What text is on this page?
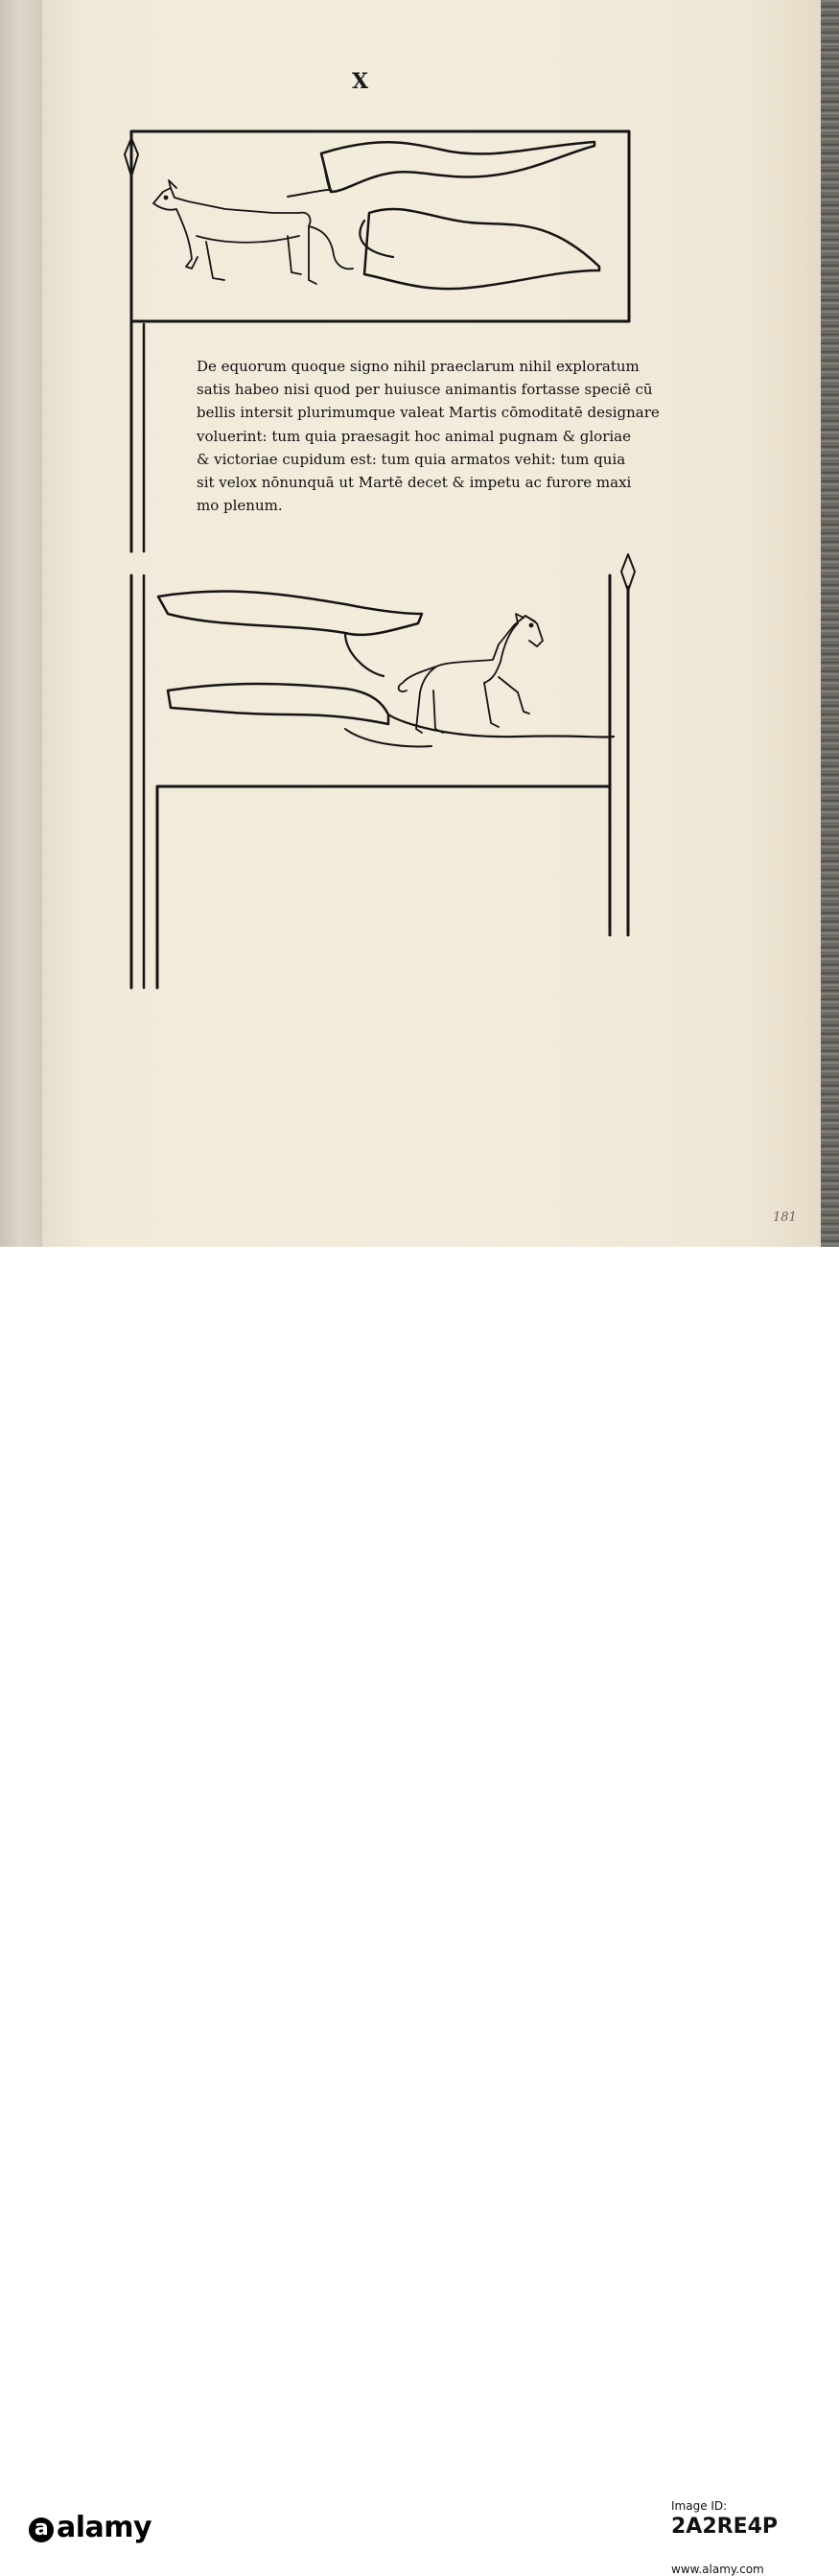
X
De equorum quoque signo nihil praeclarum nihil exploratum
satis habeo nisi quod per huiusce animantis fortasse speciē cū
bellis intersit plurimumque valeat Martis cōmoditatē designare
voluerint: tum quia praesagit hoc animal pugnam & gloriae
& victoriae cupidum est: tum quia armatos vehit: tum quia
sit velox nōnunquā ut Martē decet & impetu ac furore maxi
mo plenum.
181
a alamy
Image ID:
2A2RE4P
www.alamy.com
